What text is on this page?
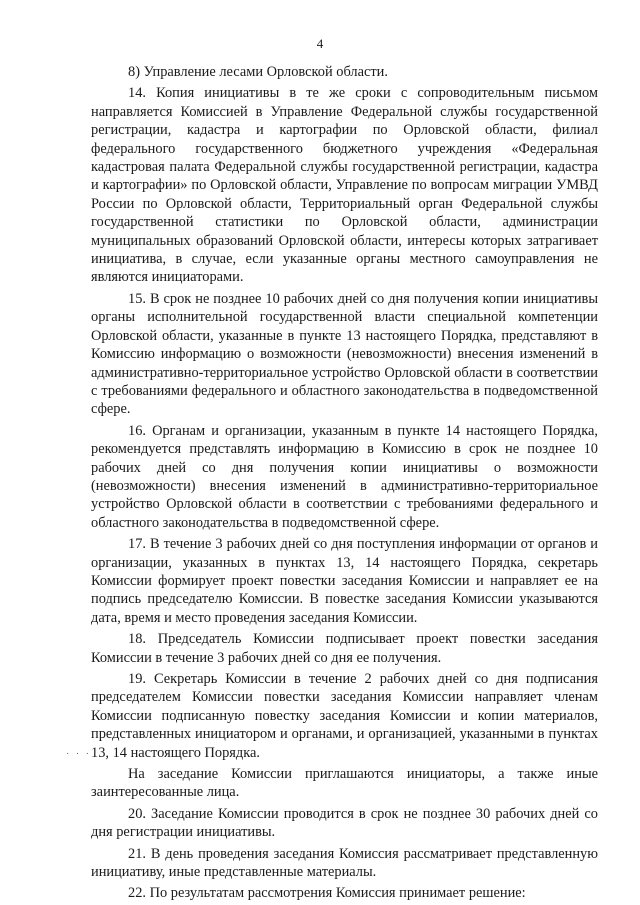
4

8) Управление лесами Орловской области.

14. Копия инициативы в те же сроки с сопроводительным письмом направляется Комиссией в Управление Федеральной службы государственной регистрации, кадастра и картографии по Орловской области, филиал федерального государственного бюджетного учреждения «Федеральная кадастровая палата Федеральной службы государственной регистрации, кадастра и картографии» по Орловской области, Управление по вопросам миграции УМВД России по Орловской области, Территориальный орган Федеральной службы государственной статистики по Орловской области, администрации муниципальных образований Орловской области, интересы которых затрагивает инициатива, в случае, если указанные органы местного самоуправления не являются инициаторами.

15. В срок не позднее 10 рабочих дней со дня получения копии инициативы органы исполнительной государственной власти специальной компетенции Орловской области, указанные в пункте 13 настоящего Порядка, представляют в Комиссию информацию о возможности (невозможности) внесения изменений в административно-территориальное устройство Орловской области в соответствии с требованиями федерального и областного законодательства в подведомственной сфере.

16. Органам и организации, указанным в пункте 14 настоящего Порядка, рекомендуется представлять информацию в Комиссию в срок не позднее 10 рабочих дней со дня получения копии инициативы о возможности (невозможности) внесения изменений в административно-территориальное устройство Орловской области в соответствии с требованиями федерального и областного законодательства в подведомственной сфере.

17. В течение 3 рабочих дней со дня поступления информации от органов и организации, указанных в пунктах 13, 14 настоящего Порядка, секретарь Комиссии формирует проект повестки заседания Комиссии и направляет ее на подпись председателю Комиссии. В повестке заседания Комиссии указываются дата, время и место проведения заседания Комиссии.

18. Председатель Комиссии подписывает проект повестки заседания Комиссии в течение 3 рабочих дней со дня ее получения.

19. Секретарь Комиссии в течение 2 рабочих дней со дня подписания председателем Комиссии повестки заседания Комиссии направляет членам Комиссии подписанную повестку заседания Комиссии и копии материалов, представленных инициатором и органами, и организацией, указанными в пунктах 13, 14 настоящего Порядка.

На заседание Комиссии приглашаются инициаторы, а также иные заинтересованные лица.

20. Заседание Комиссии проводится в срок не позднее 30 рабочих дней со дня регистрации инициативы.

21. В день проведения заседания Комиссия рассматривает представленную инициативу, иные представленные материалы.

22. По результатам рассмотрения Комиссия принимает решение:

˙ ˙ ˙
